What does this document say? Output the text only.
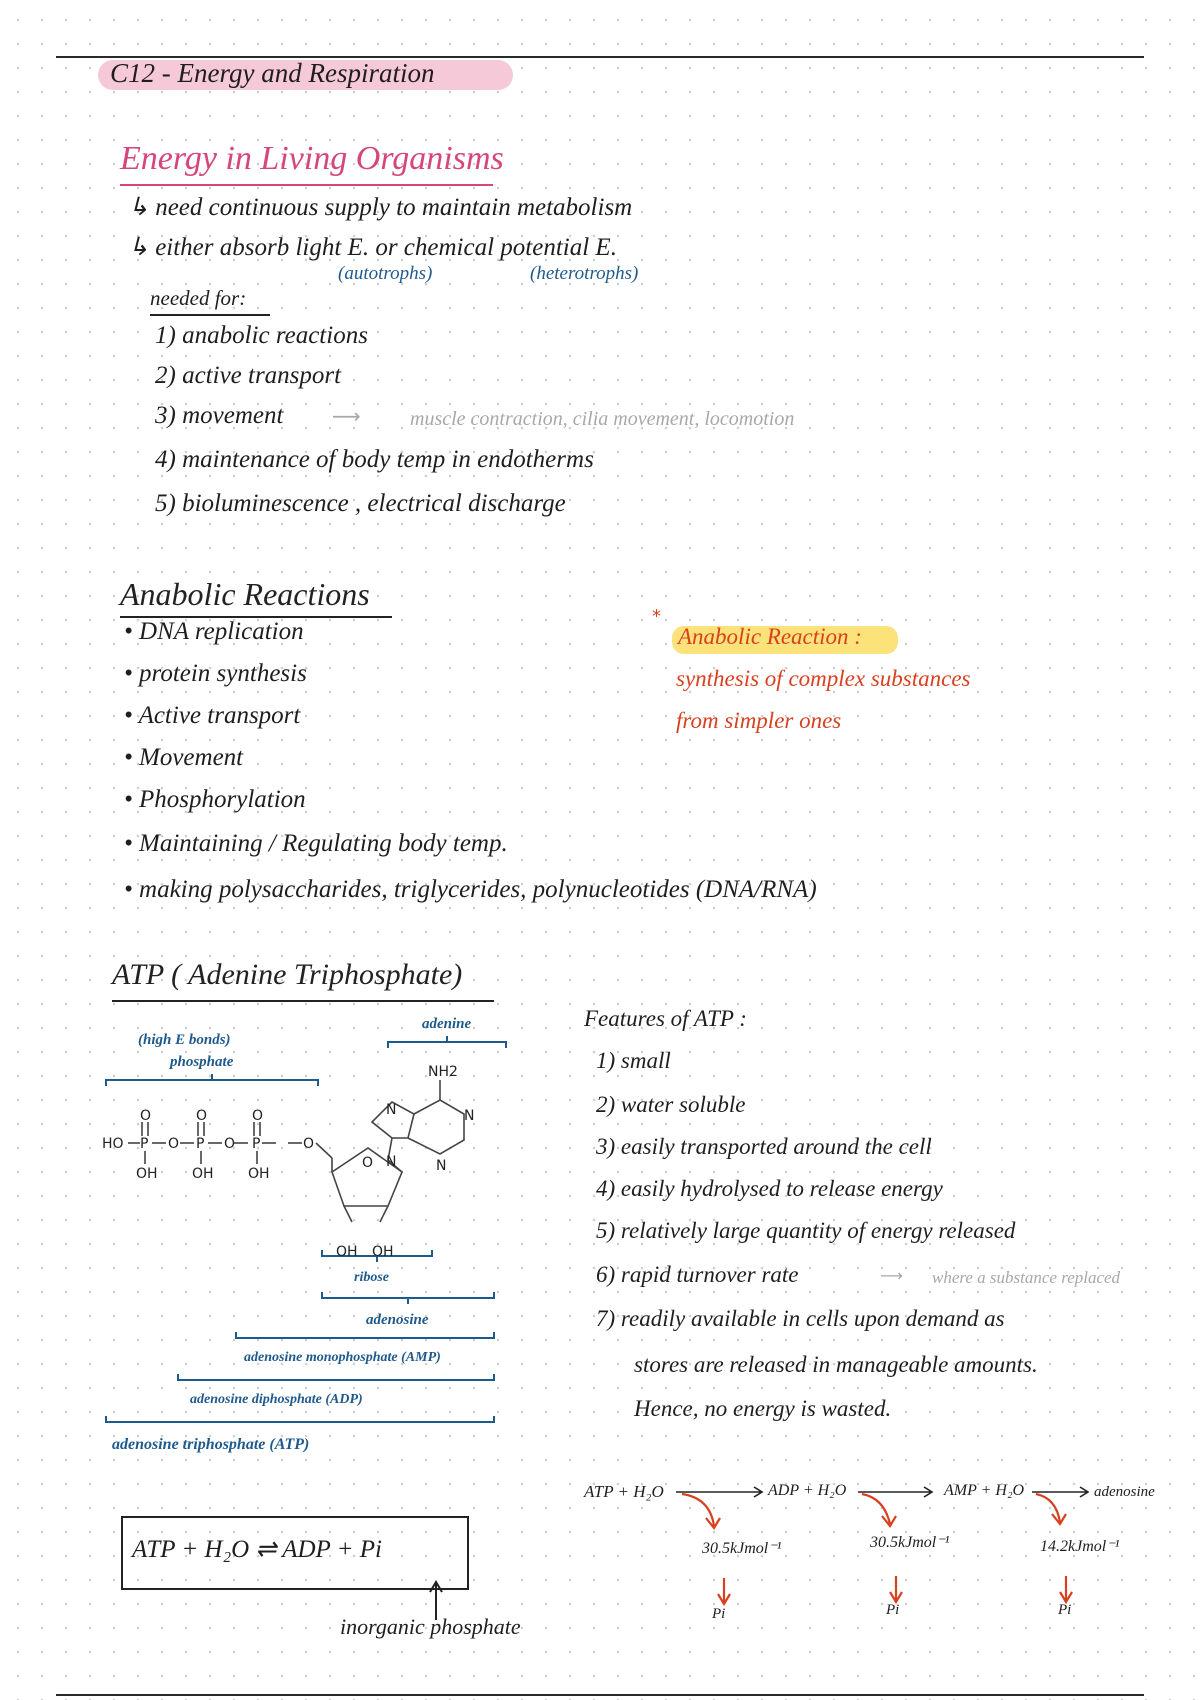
C12 - Energy and Respiration
Energy in Living Organisms
↳ need continuous supply to maintain metabolism
↳ either absorb light E. or chemical potential E.
(autotrophs)	(heterotrophs)
needed for:
1) anabolic reactions
2) active transport
3) movement ⟶ muscle contraction, cilia movement, locomotion
4) maintenance of body temp in endotherms
5) bioluminescence , electrical discharge
Anabolic Reactions
• DNA replication
• protein synthesis
• Active transport
• Movement
• Phosphorylation
• Maintaining / Regulating body temp.
• making polysaccharides, triglycerides, polynucleotides (DNA/RNA)
*
Anabolic Reaction :
synthesis of complex substances
from simpler ones
ATP ( Adenine Triphosphate)
adenine
(high E bonds)
phosphate
HO
O	O	O
P	P	P
O	O	O
OH OH OH
O
OH OH
N
N	N
N
NH2
ribose
adenosine
adenosine monophosphate (AMP)
adenosine diphosphate (ADP)
adenosine triphosphate (ATP)
Features of ATP :
1) small
2) water soluble
3) easily transported around the cell
4) easily hydrolysed to release energy
5) relatively large quantity of energy released
6) rapid turnover rate	⟶ where a substance replaced
7) readily available in cells upon demand as
stores are released in manageable amounts.
Hence, no energy is wasted.
ATP + H₂O ⇌ ADP + Pi
inorganic phosphate
ATP + H₂O	ADP + H₂O	AMP + H₂O	adenosine
30.5kJmol⁻¹	30.5kJmol⁻¹	14.2kJmol⁻¹
Pi	Pi	Pi
